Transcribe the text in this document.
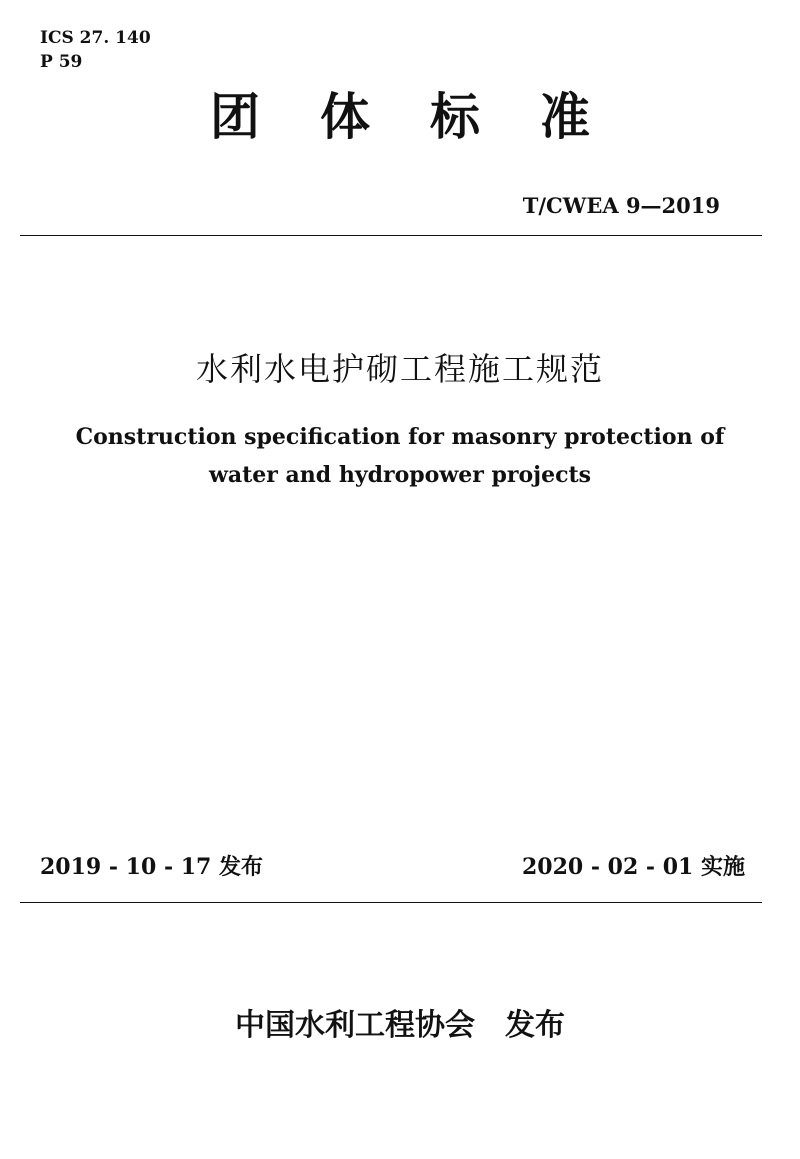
ICS 27. 140
P 59
团体标准
T/CWEA 9—2019
水利水电护砌工程施工规范
Construction specification for masonry protection of
water and hydropower projects
2019 - 10 - 17 发布	2020 - 02 - 01 实施
中国水利工程协会　发布
